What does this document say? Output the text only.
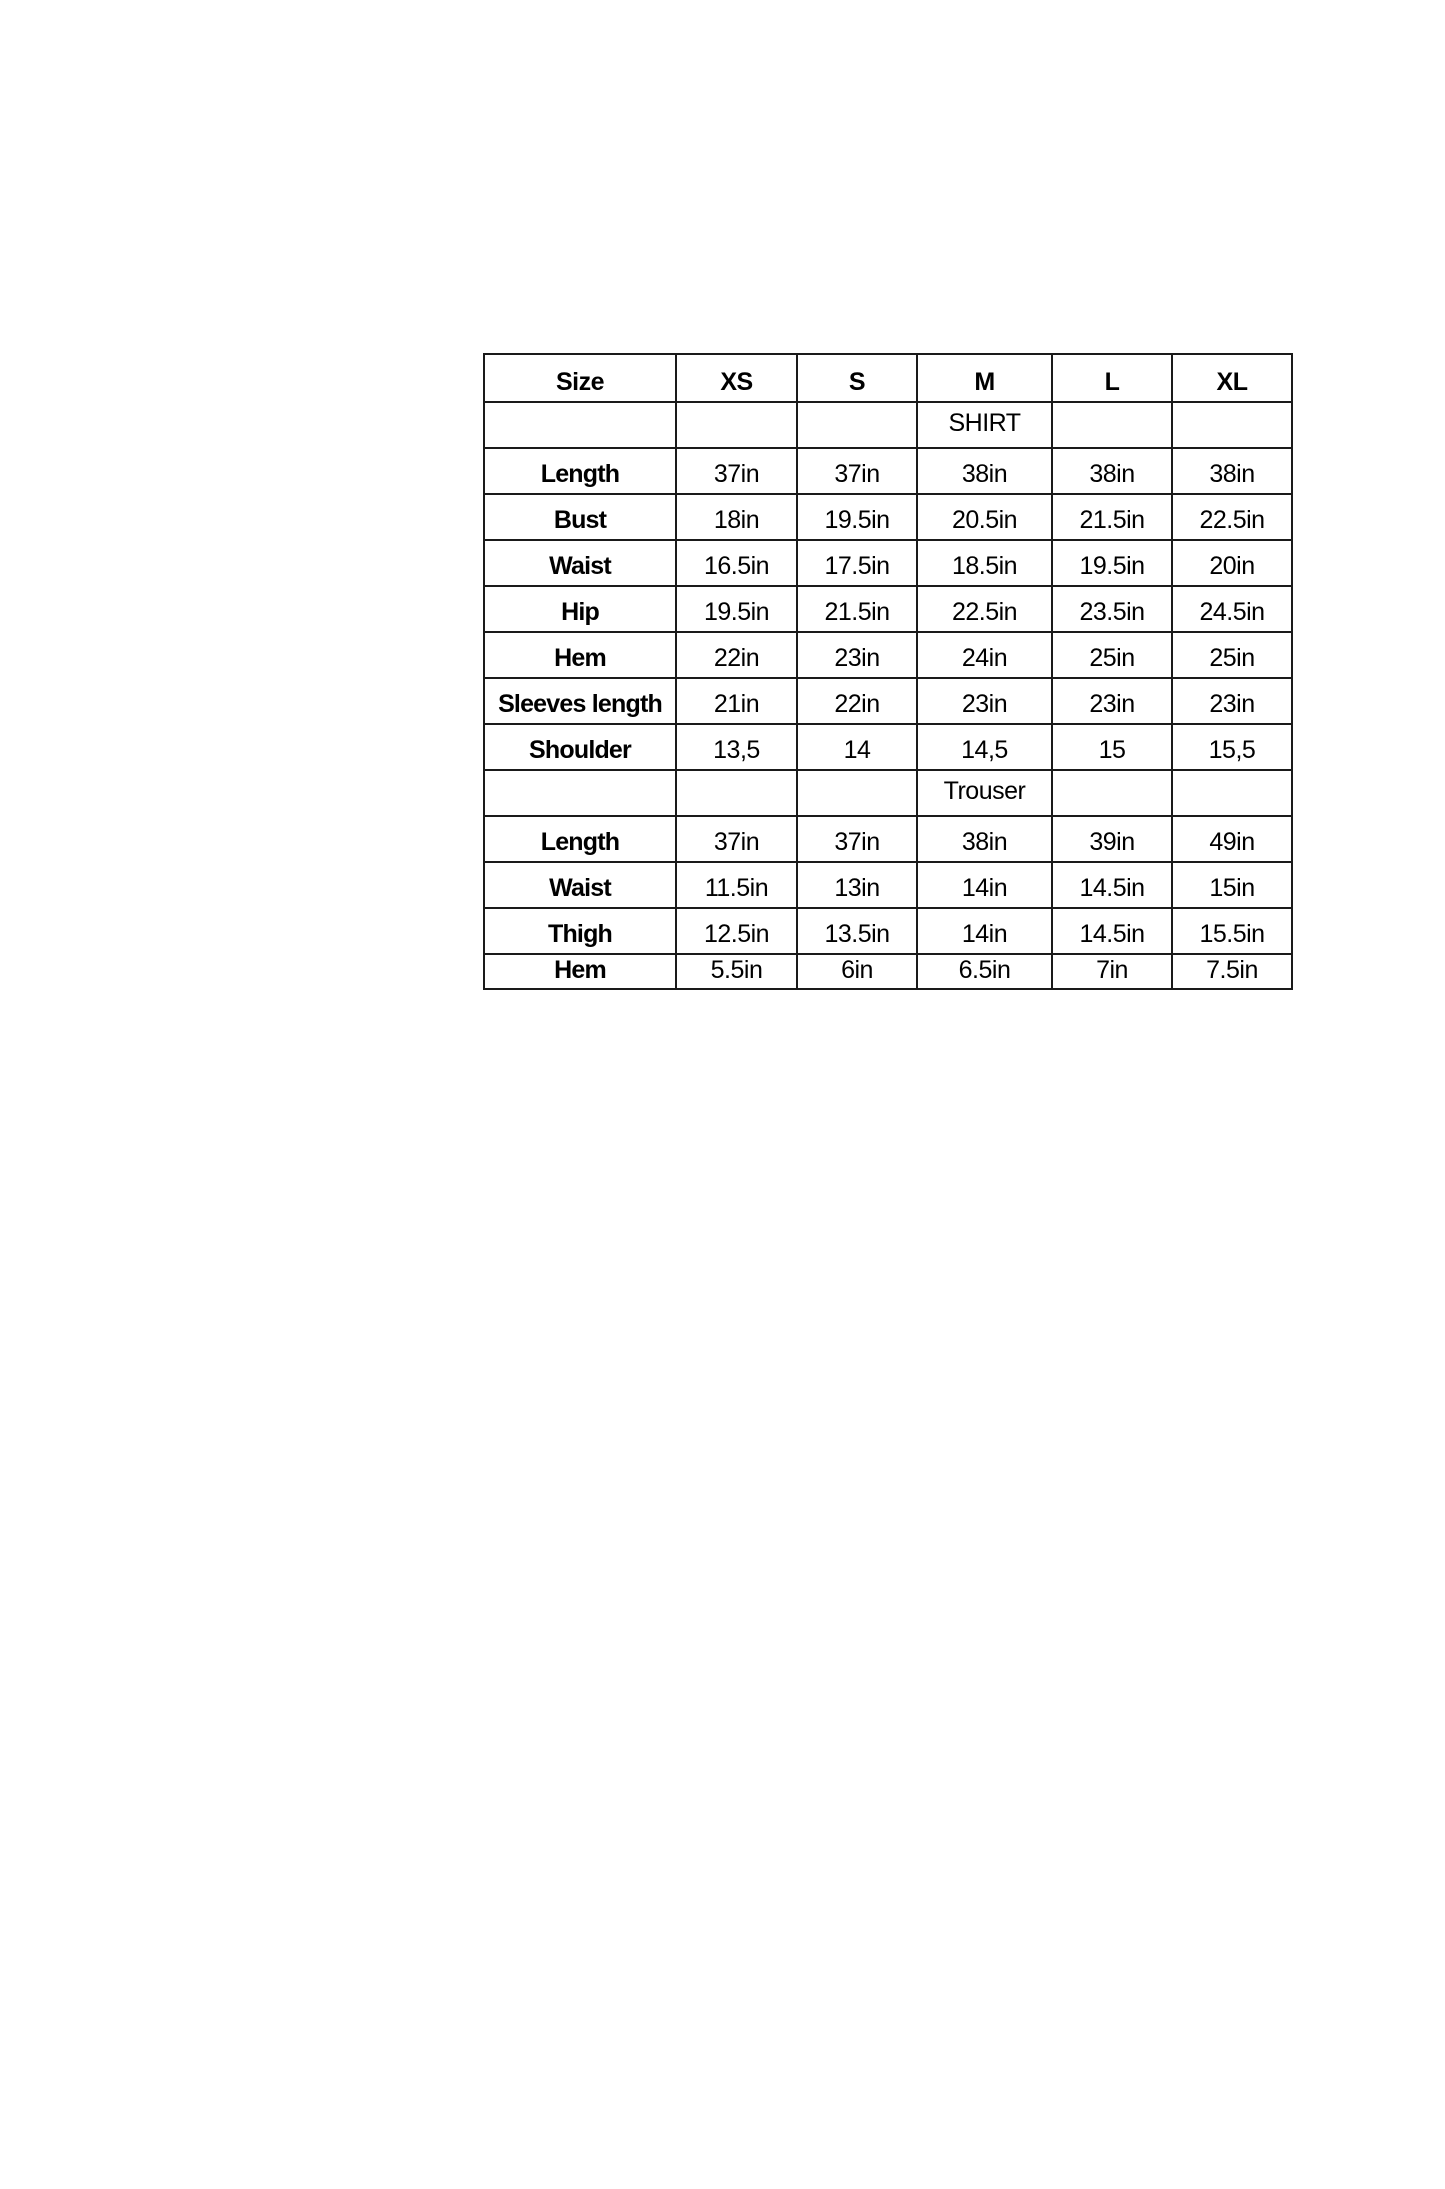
Size	XS	S	M	L	XL
			SHIRT		
Length	37in	37in	38in	38in	38in
Bust	18in	19.5in	20.5in	21.5in	22.5in
Waist	16.5in	17.5in	18.5in	19.5in	20in
Hip	19.5in	21.5in	22.5in	23.5in	24.5in
Hem	22in	23in	24in	25in	25in
Sleeves length	21in	22in	23in	23in	23in
Shoulder	13,5	14	14,5	15	15,5
			Trouser		
Length	37in	37in	38in	39in	49in
Waist	11.5in	13in	14in	14.5in	15in
Thigh	12.5in	13.5in	14in	14.5in	15.5in
Hem	5.5in	6in	6.5in	7in	7.5in
